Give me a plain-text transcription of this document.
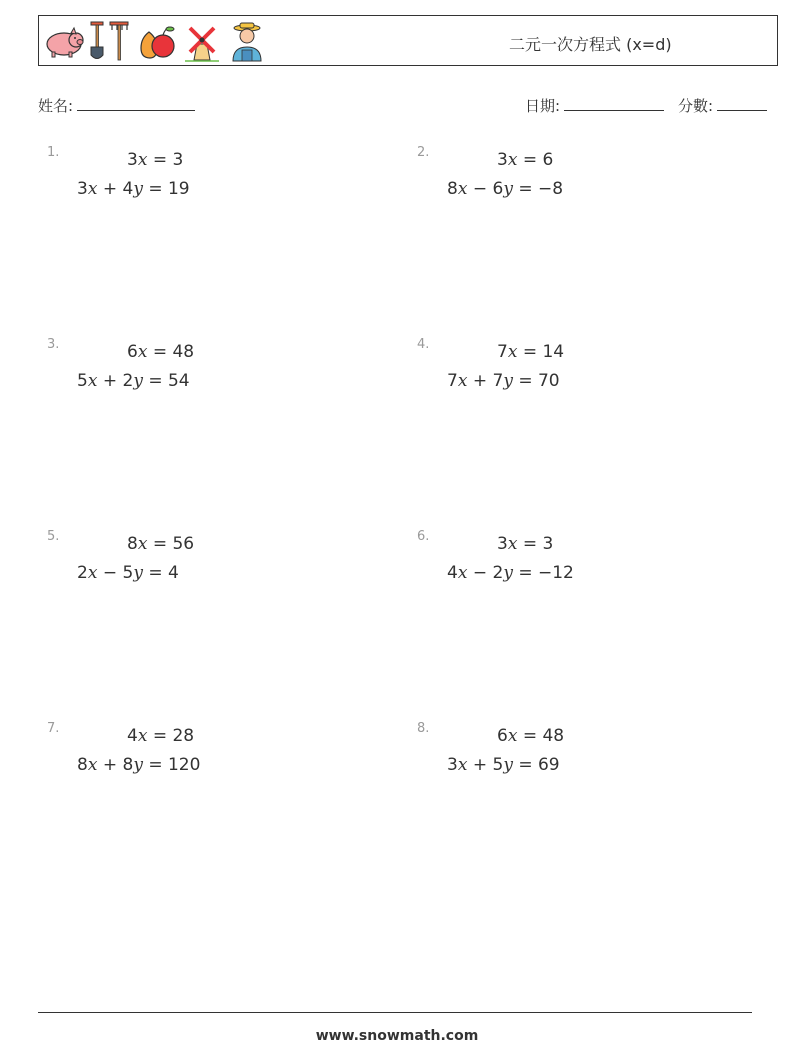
二元一次方程式 (x=d)
姓名:	日期:	分數:
1.	3x = 3
3x + 4y = 19
2.	3x = 6
8x − 6y = −8
3.	6x = 48
5x + 2y = 54
4.	7x = 14
7x + 7y = 70
5.	8x = 56
2x − 5y = 4
6.	3x = 3
4x − 2y = −12
7.	4x = 28
8x + 8y = 120
8.	6x = 48
3x + 5y = 69
www.snowmath.com
